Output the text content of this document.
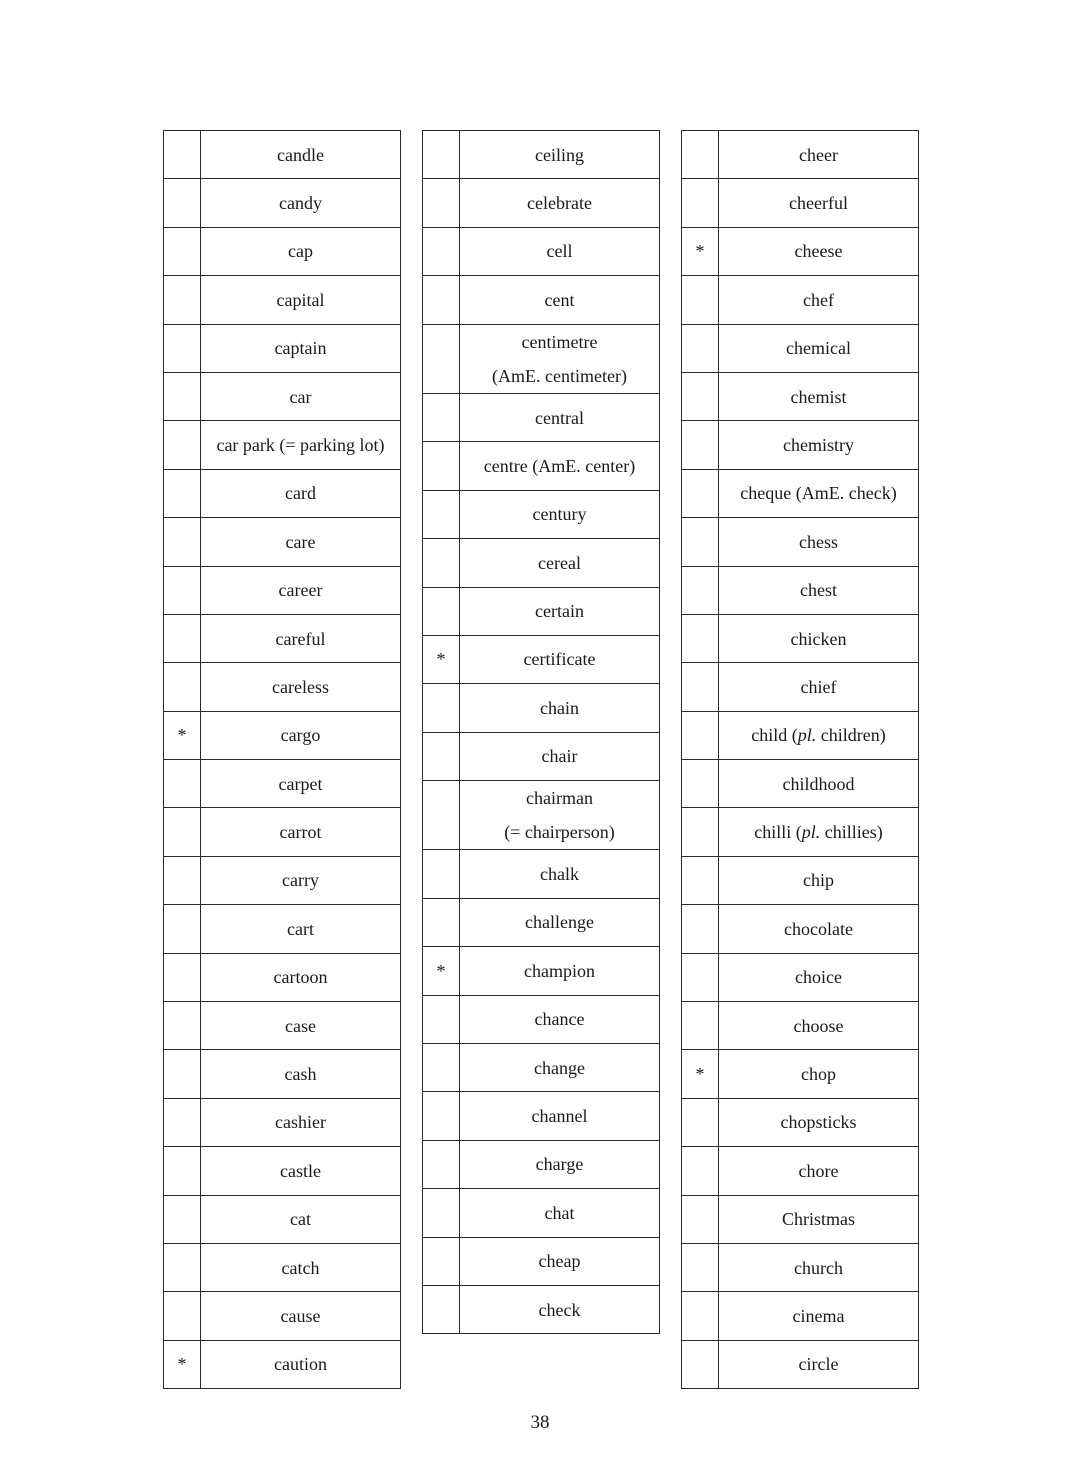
	candle

	candy

	cap

	capital

	captain

	car

	car park (= parking lot)

	card

	care

	career

	careful

	careless

*	cargo

	carpet

	carrot

	carry

	cart

	cartoon

	case

	cash

	cashier

	castle

	cat

	catch

	cause

*	caution

	ceiling

	celebrate

	cell

	cent

	centimetre
(AmE. centimeter)

	central

	centre (AmE. center)

	century

	cereal

	certain

*	certificate

	chain

	chair

	chairman
(= chairperson)

	chalk

	challenge

*	champion

	chance

	change

	channel

	charge

	chat

	cheap

	check

	cheer

	cheerful

*	cheese

	chef

	chemical

	chemist

	chemistry

	cheque (AmE. check)

	chess

	chest

	chicken

	chief

	child (pl. children)

	childhood

	chilli (pl. chillies)

	chip

	chocolate

	choice

	choose

*	chop

	chopsticks

	chore

	Christmas

	church

	cinema

	circle
38
